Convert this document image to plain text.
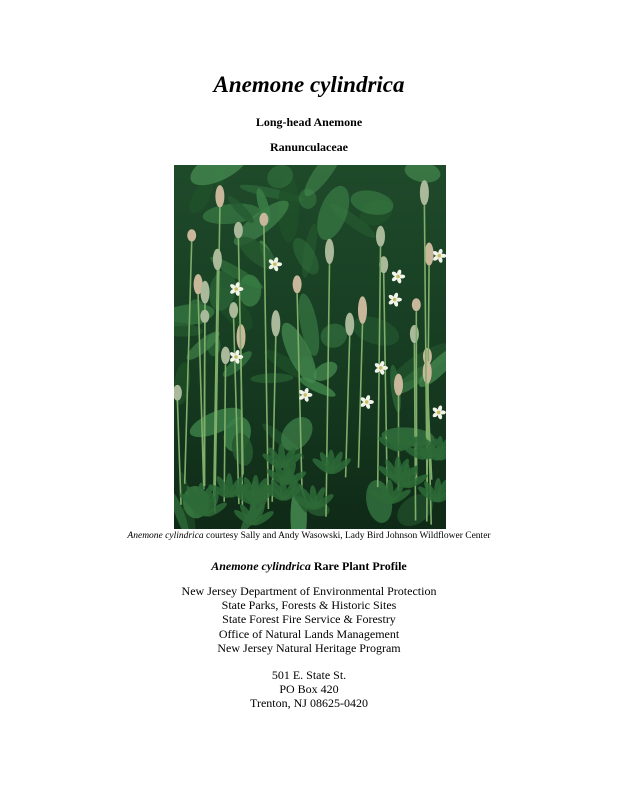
Anemone cylindrica
Long-head Anemone
Ranunculaceae
Anemone cylindrica courtesy Sally and Andy Wasowski, Lady Bird Johnson Wildflower Center
Anemone cylindrica Rare Plant Profile
New Jersey Department of Environmental Protection
State Parks, Forests & Historic Sites
State Forest Fire Service & Forestry
Office of Natural Lands Management
New Jersey Natural Heritage Program
501 E. State St.
PO Box 420
Trenton, NJ 08625-0420
